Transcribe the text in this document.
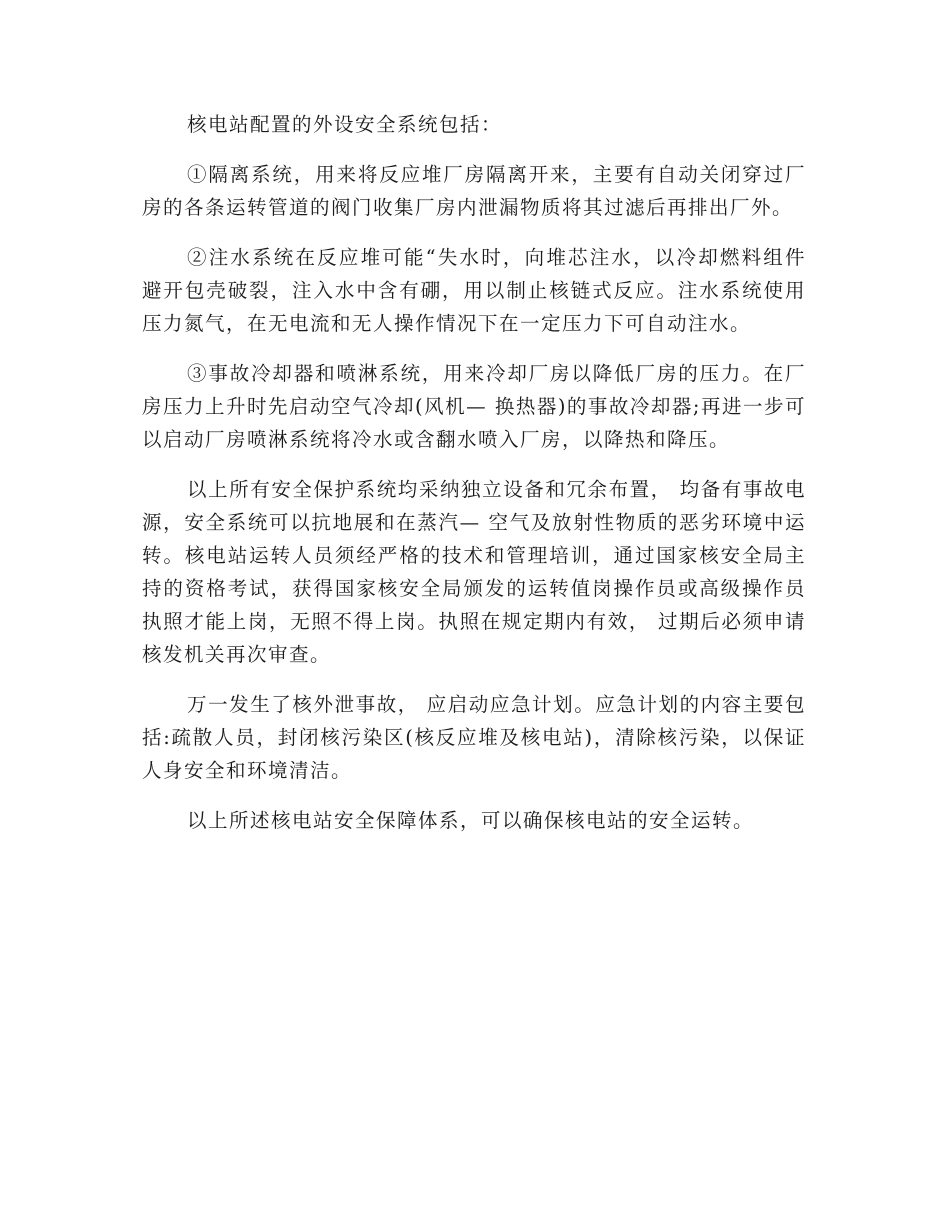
核电站配置的外设安全系统包括：

①隔离系统，用来将反应堆厂房隔离开来，主要有自动关闭穿过厂房的各条运转管道的阀门收集厂房内泄漏物质将其过滤后再排出厂外。

②注水系统在反应堆可能“失水时，向堆芯注水，以冷却燃料组件避开包壳破裂，注入水中含有硼，用以制止核链式反应。注水系统使用压力氮气，在无电流和无人操作情况下在一定压力下可自动注水。

③事故冷却器和喷淋系统，用来冷却厂房以降低厂房的压力。在厂房压力上升时先启动空气冷却(风机— 换热器)的事故冷却器;再进一步可以启动厂房喷淋系统将冷水或含翻水喷入厂房，以降热和降压。

以上所有安全保护系统均采纳独立设备和冗余布置， 均备有事故电源，安全系统可以抗地展和在蒸汽— 空气及放射性物质的恶劣环境中运转。核电站运转人员须经严格的技术和管理培训，通过国家核安全局主持的资格考试，获得国家核安全局颁发的运转值岗操作员或高级操作员执照才能上岗，无照不得上岗。执照在规定期内有效， 过期后必须申请核发机关再次审查。

万一发生了核外泄事故， 应启动应急计划。应急计划的内容主要包括:疏散人员，封闭核污染区(核反应堆及核电站)，清除核污染，以保证人身安全和环境清洁。

以上所述核电站安全保障体系，可以确保核电站的安全运转。
